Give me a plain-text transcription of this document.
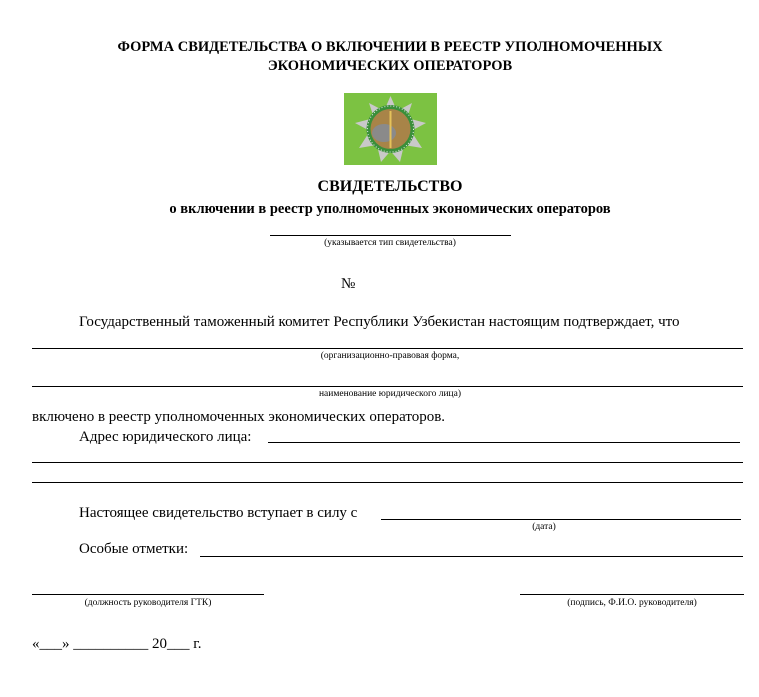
ФОРМА СВИДЕТЕЛЬСТВА О ВКЛЮЧЕНИИ В РЕЕСТР УПОЛНОМОЧЕННЫХ
ЭКОНОМИЧЕСКИХ ОПЕРАТОРОВ
СВИДЕТЕЛЬСТВО
о включении в реестр уполномоченных экономических операторов
(указывается тип свидетельства)
№
Государственный таможенный комитет Республики Узбекистан настоящим подтверждает, что
(организационно-правовая форма,
наименование юридического лица)
включено в реестр уполномоченных экономических операторов.
Адрес юридического лица:
Настоящее свидетельство вступает в силу с
(дата)
Особые отметки:
(должность руководителя ГТК)	(подпись, Ф.И.О. руководителя)
«___» __________ 20___ г.
